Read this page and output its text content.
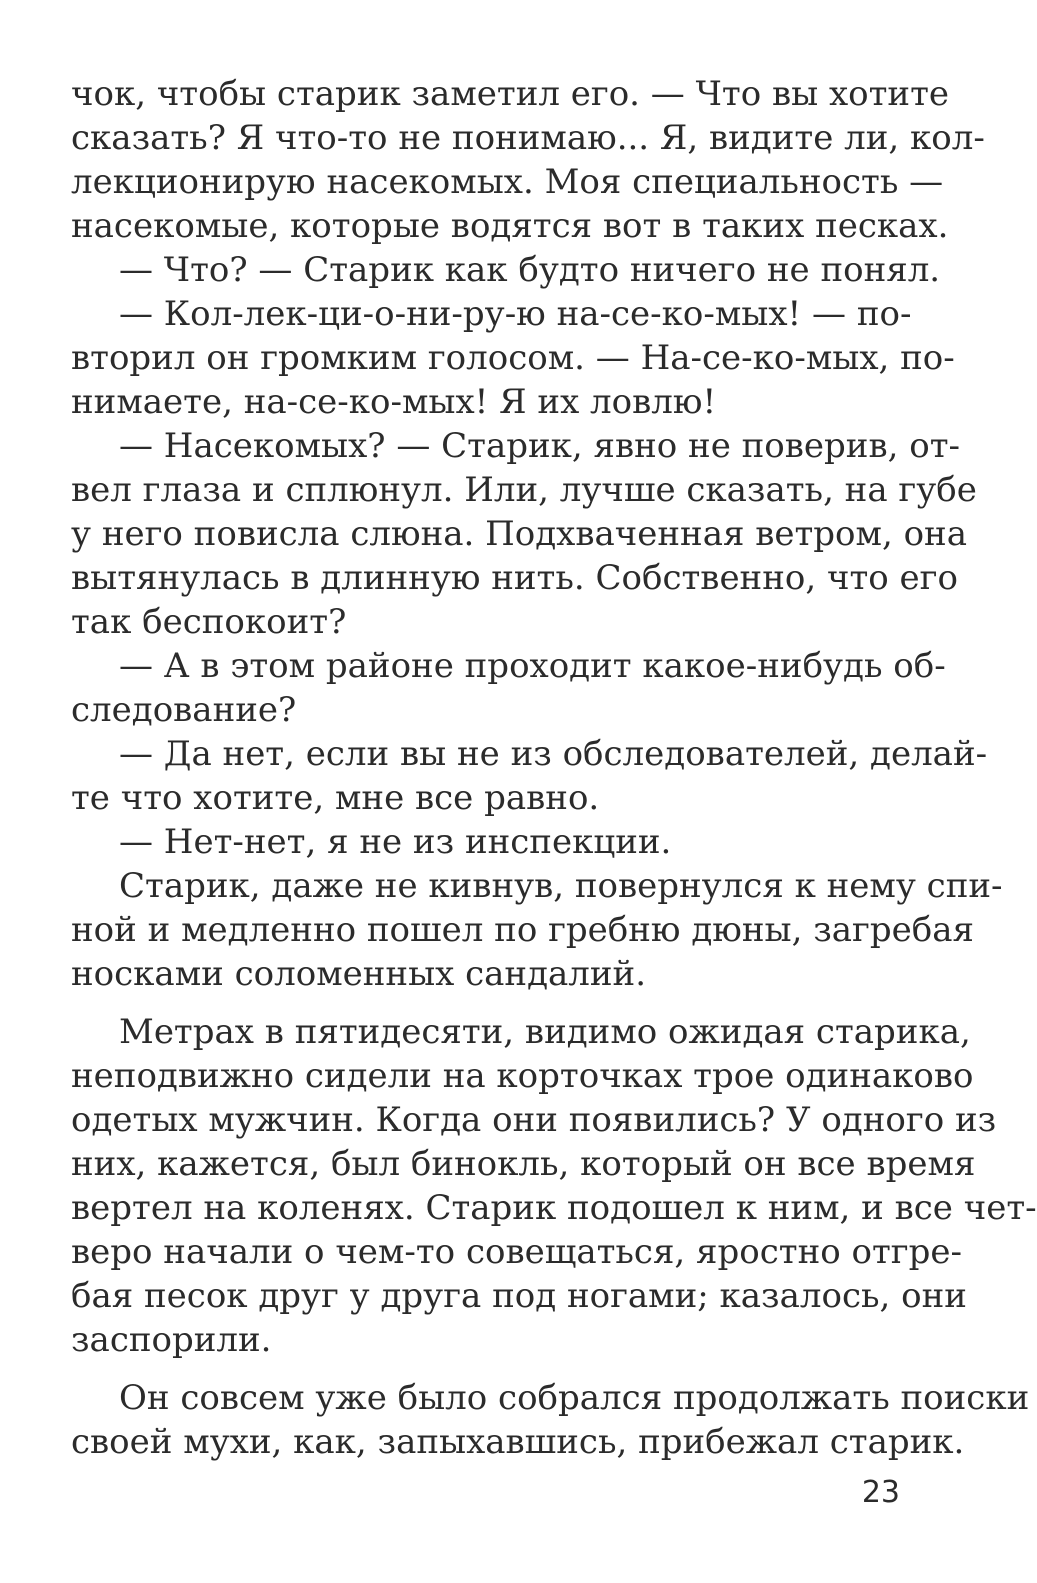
чок, чтобы старик заметил его. — Что вы хотите
сказать? Я что-то не понимаю... Я, видите ли, кол-
лекционирую насекомых. Моя специальность —
насекомые, которые водятся вот в таких песках.
— Что? — Старик как будто ничего не понял.
— Кол-лек-ци-о-ни-ру-ю на-се-ко-мых! — по-
вторил он громким голосом. — На-се-ко-мых, по-
нимаете, на-се-ко-мых! Я их ловлю!
— Насекомых? — Старик, явно не поверив, от-
вел глаза и сплюнул. Или, лучше сказать, на губе
у него повисла слюна. Подхваченная ветром, она
вытянулась в длинную нить. Собственно, что его
так беспокоит?
— А в этом районе проходит какое-нибудь об-
следование?
— Да нет, если вы не из обследователей, делай-
те что хотите, мне все равно.
— Нет-нет, я не из инспекции.
Старик, даже не кивнув, повернулся к нему спи-
ной и медленно пошел по гребню дюны, загребая
носками соломенных сандалий.
Метрах в пятидесяти, видимо ожидая старика,
неподвижно сидели на корточках трое одинаково
одетых мужчин. Когда они появились? У одного из
них, кажется, был бинокль, который он все время
вертел на коленях. Старик подошел к ним, и все чет-
веро начали о чем-то совещаться, яростно отгре-
бая песок друг у друга под ногами; казалось, они
заспорили.
Он совсем уже было собрался продолжать поиски
своей мухи, как, запыхавшись, прибежал старик.
23
